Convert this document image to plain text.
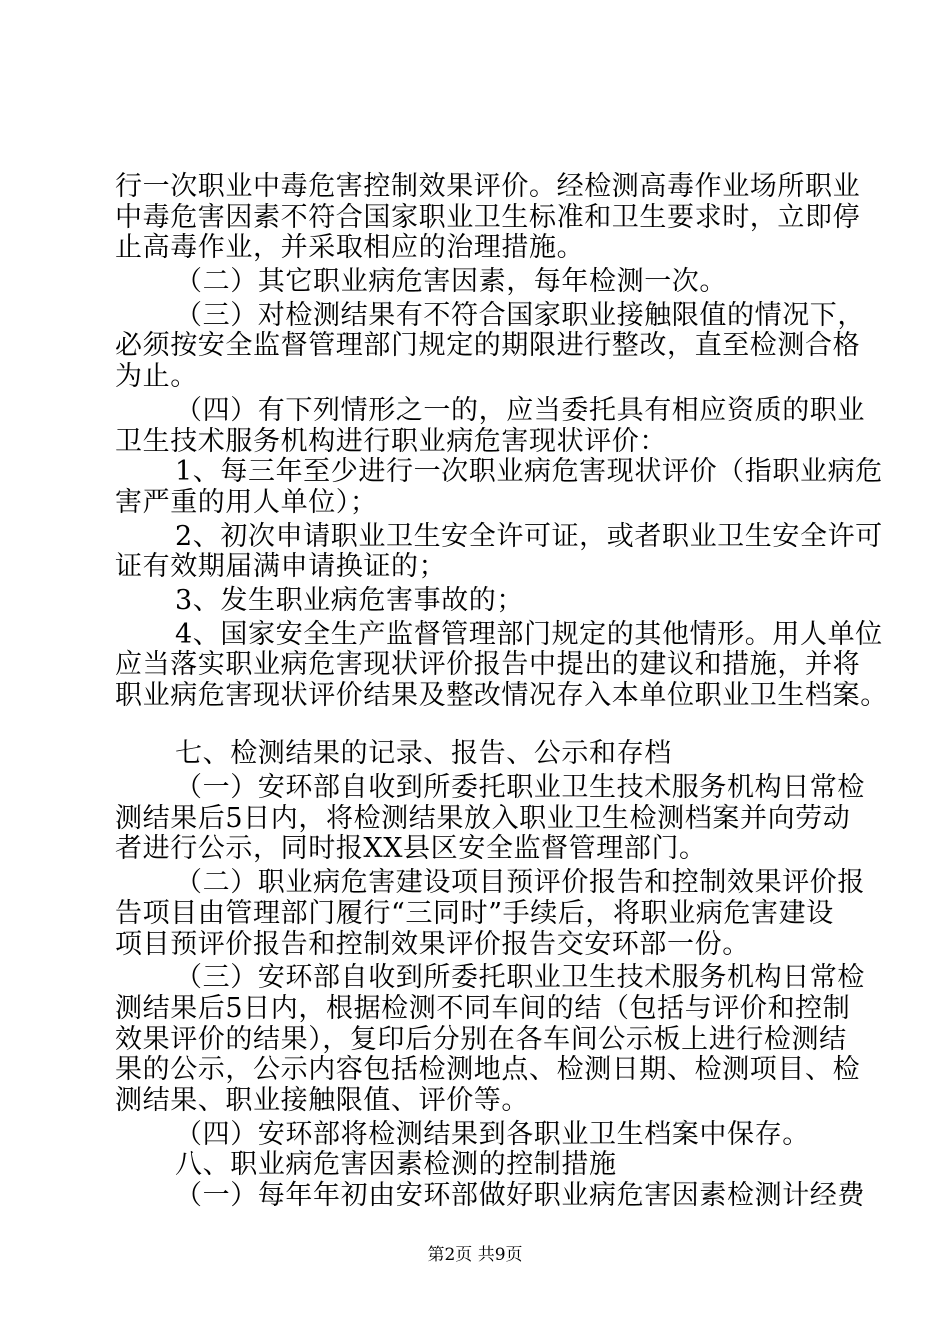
行一次职业中毒危害控制效果评价。经检测高毒作业场所职业
中毒危害因素不符合国家职业卫生标准和卫生要求时，立即停
止高毒作业，并采取相应的治理措施。
（二）其它职业病危害因素，每年检测一次。
（三）对检测结果有不符合国家职业接触限值的情况下，
必须按安全监督管理部门规定的期限进行整改，直至检测合格
为止。
（四）有下列情形之一的，应当委托具有相应资质的职业
卫生技术服务机构进行职业病危害现状评价：
1、每三年至少进行一次职业病危害现状评价（指职业病危
害严重的用人单位）；
2、初次申请职业卫生安全许可证，或者职业卫生安全许可
证有效期届满申请换证的；
3、发生职业病危害事故的；
4、国家安全生产监督管理部门规定的其他情形。用人单位
应当落实职业病危害现状评价报告中提出的建议和措施，并将
职业病危害现状评价结果及整改情况存入本单位职业卫生档案。
七、检测结果的记录、报告、公示和存档
（一）安环部自收到所委托职业卫生技术服务机构日常检
测结果后5日内，将检测结果放入职业卫生检测档案并向劳动
者进行公示，同时报XX县区安全监督管理部门。
（二）职业病危害建设项目预评价报告和控制效果评价报
告项目由管理部门履行“三同时”手续后，将职业病危害建设
项目预评价报告和控制效果评价报告交安环部一份。
（三）安环部自收到所委托职业卫生技术服务机构日常检
测结果后5日内，根据检测不同车间的结（包括与评价和控制
效果评价的结果），复印后分别在各车间公示板上进行检测结
果的公示，公示内容包括检测地点、检测日期、检测项目、检
测结果、职业接触限值、评价等。
（四）安环部将检测结果到各职业卫生档案中保存。
八、职业病危害因素检测的控制措施
（一）每年年初由安环部做好职业病危害因素检测计经费
第2页 共9页
